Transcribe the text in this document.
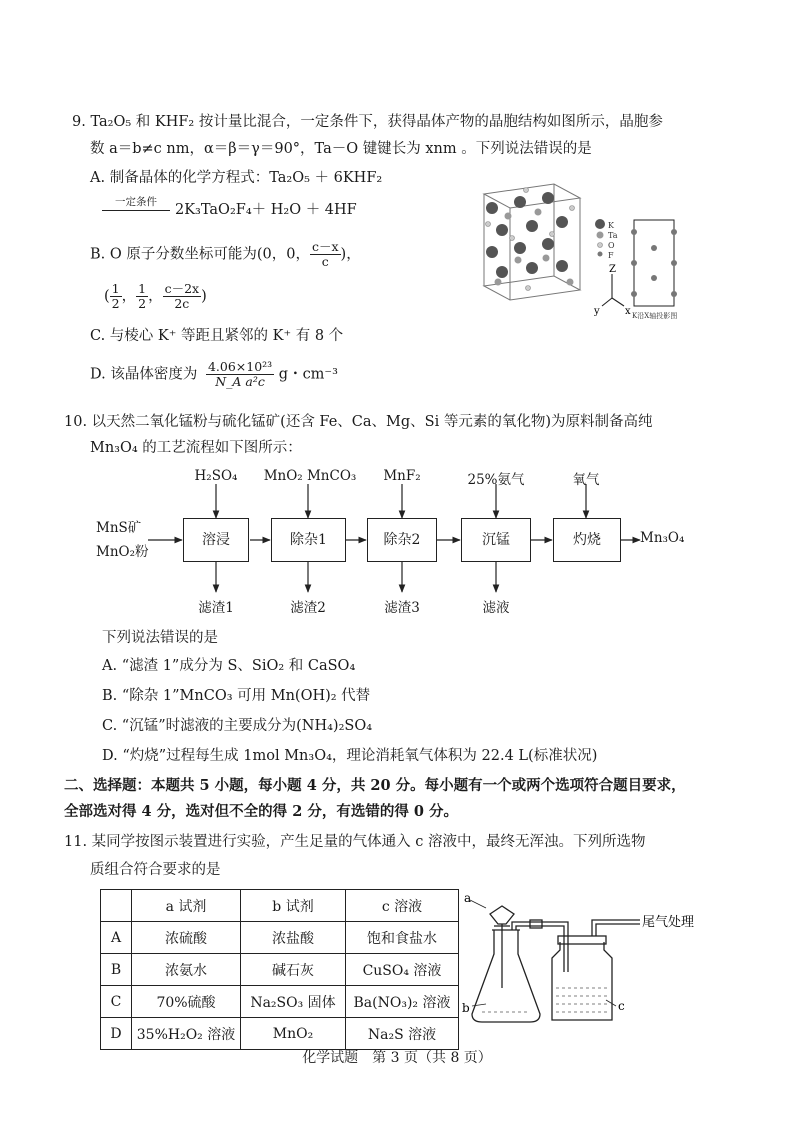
9. Ta₂O₅ 和 KHF₂ 按计量比混合，一定条件下，获得晶体产物的晶胞结构如图所示，晶胞参
数 a＝b≠c nm，α＝β＝γ＝90°，Ta－O 键键长为 xnm 。下列说法错误的是
A. 制备晶体的化学方程式：Ta₂O₅ ＋ 6KHF₂
一定条件	2K₃TaO₂F₄＋ H₂O ＋ 4HF
B. O 原子分数坐标可能为(0，0， $\frac{c-x}{c}$ )，
( $\frac{1}{2}$ ， $\frac{1}{2}$ ， $\frac{c-2x}{2c}$ )
C. 与棱心 K⁺ 等距且紧邻的 K⁺ 有 8 个
D. 该晶体密度为 $\frac{\text{4.06×10²³}}{\text{N\_A a²c}}$ g・cm⁻³
K
Ta
O
F
Z
y	x K沿X轴投影图
10. 以天然二氧化锰粉与硫化锰矿(还含 Fe、Ca、Mg、Si 等元素的氧化物)为原料制备高纯
Mn₃O₄ 的工艺流程如下图所示：
MnS矿
MnO₂粉
溶浸	除杂1	除杂2	沉锰	灼烧	Mn₃O₄
H₂SO₄	MnO₂ MnCO₃	MnF₂	25%氨气	氧气
滤渣1	滤渣2	滤渣3	滤液
下列说法错误的是
A. “滤渣 1”成分为 S、SiO₂ 和 CaSO₄
B. “除杂 1”MnCO₃ 可用 Mn(OH)₂ 代替
C. “沉锰”时滤液的主要成分为(NH₄)₂SO₄
D. “灼烧”过程每生成 1mol Mn₃O₄，理论消耗氧气体积为 22.4 L(标准状况)
二、选择题：本题共 5 小题，每小题 4 分，共 20 分。每小题有一个或两个选项符合题目要求，
全部选对得 4 分，选对但不全的得 2 分，有选错的得 0 分。
11. 某同学按图示装置进行实验，产生足量的气体通入 c 溶液中，最终无浑浊。下列所选物
质组合符合要求的是
	a 试剂	b 试剂	c 溶液
A	浓硫酸	浓盐酸	饱和食盐水
B	浓氨水	碱石灰	CuSO₄ 溶液
C	70%硫酸	Na₂SO₃ 固体	Ba(NO₃)₂ 溶液
D	35%H₂O₂ 溶液	MnO₂	Na₂S 溶液
a
b	c
尾气处理
化学试题　第 3 页（共 8 页）
